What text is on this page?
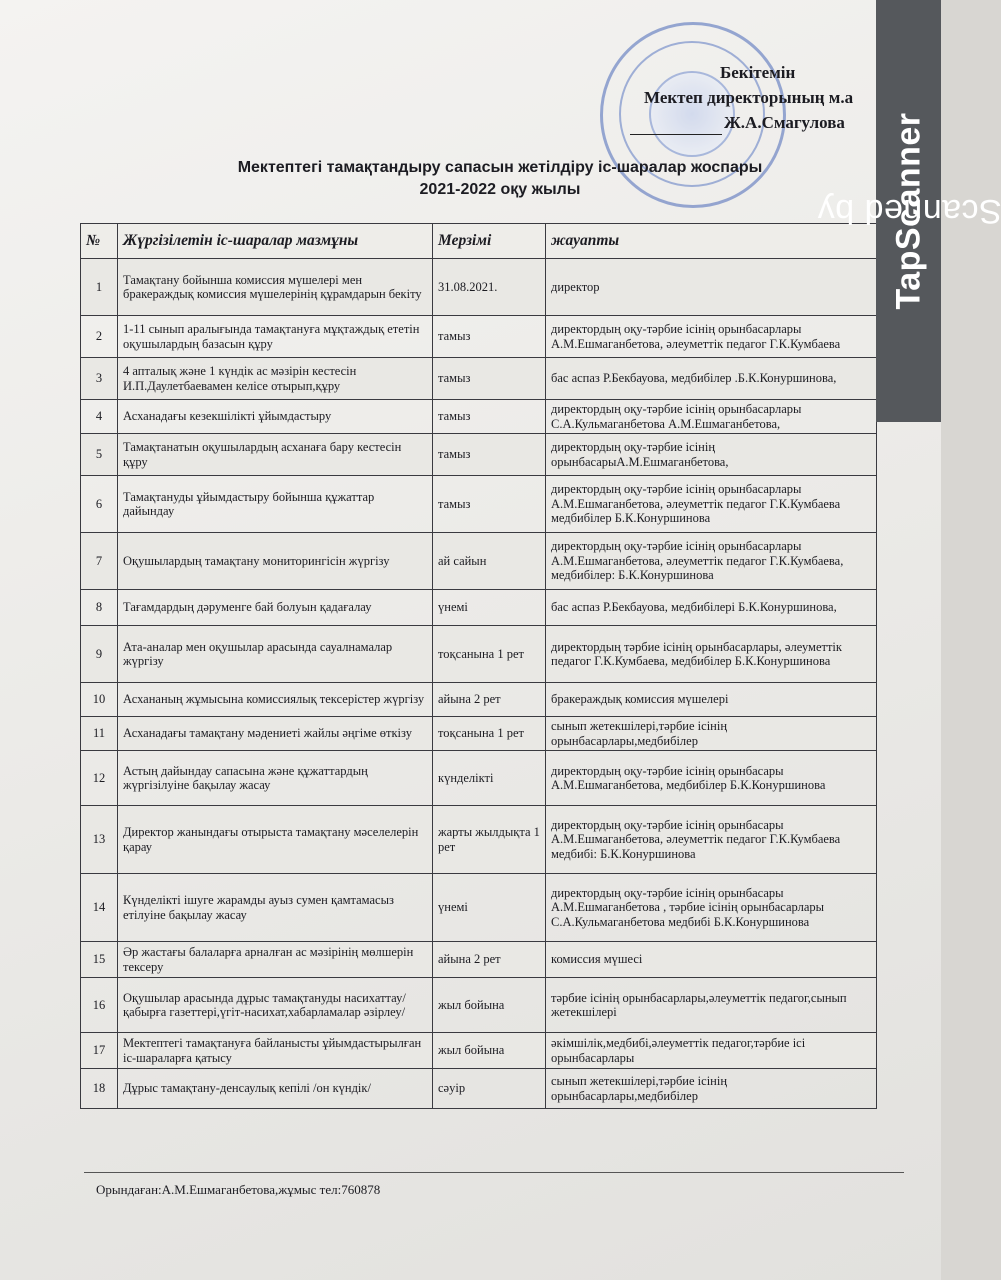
Бекітемін
Мектеп директорының м.а
Ж.А.Смагулова
Мектептегі тамақтандыру сапасын жетілдіру іс-шаралар жоспары
2021-2022 оқу жылы
№	Жүргізілетін іс-шаралар мазмұны	Мерзімі	жауапты
1	Тамақтану бойынша комиссия мүшелері мен бракераждық комиссия мүшелерінің құрамдарын бекіту	31.08.2021.	директор
2	1-11 сынып аралығында тамақтануға мұқтаждық ететін оқушылардың базасын құру	тамыз	директордың оқу-тәрбие ісінің орынбасарлары А.М.Ешмаганбетова, әлеуметтік педагог Г.К.Кумбаева
3	4 апталық және 1 күндік ас мәзірін кестесін И.П.Даулетбаевамен келісе отырып,құру	тамыз	бас аспаз Р.Бекбауова, медбибілер .Б.К.Конуршинова,
4	Асханадағы кезекшілікті ұйымдастыру	тамыз	директордың оқу-тәрбие ісінің орынбасарлары С.А.Кульмаганбетова А.М.Ешмаганбетова,
5	Тамақтанатын оқушылардың асханаға бару кестесін құру	тамыз	директордың оқу-тәрбие ісінің орынбасарыА.М.Ешмаганбетова,
6	Тамақтануды ұйымдастыру бойынша құжаттар дайындау	тамыз	директордың оқу-тәрбие ісінің орынбасарлары А.М.Ешмаганбетова, әлеуметтік педагог Г.К.Кумбаева медбибілер Б.К.Конуршинова
7	Оқушылардың тамақтану мониторингісін жүргізу	ай сайын	директордың оқу-тәрбие ісінің орынбасарлары А.М.Ешмаганбетова, әлеуметтік педагог Г.К.Кумбаева, медбибілер: Б.К.Конуршинова
8	Тағамдардың дәруменге бай болуын қадағалау	үнемі	бас аспаз Р.Бекбауова, медбибілері Б.К.Конуршинова,
9	Ата-аналар мен оқушылар арасында сауалнамалар жүргізу	тоқсанына 1 рет	директордың тәрбие ісінің орынбасарлары, әлеуметтік педагог Г.К.Кумбаева, медбибілер Б.К.Конуршинова
10	Асхананың жұмысына комиссиялық тексерістер жүргізу	айына 2 рет	бракераждық комиссия мүшелері
11	Асханадағы тамақтану мәдениеті жайлы әңгіме өткізу	тоқсанына 1 рет	сынып жетекшілері,тәрбие ісінің орынбасарлары,медбибілер
12	Астың дайындау сапасына және құжаттардың жүргізілуіне бақылау жасау	күнделікті	директордың оқу-тәрбие ісінің орынбасары А.М.Ешмаганбетова, медбибілер Б.К.Конуршинова
13	Директор жанындағы отырыста тамақтану мәселелерін қарау	жарты жылдықта 1 рет	директордың оқу-тәрбие ісінің орынбасары А.М.Ешмаганбетова, әлеуметтік педагог Г.К.Кумбаева медбибі: Б.К.Конуршинова
14	Күнделікті ішуге жарамды ауыз сумен қамтамасыз етілуіне бақылау жасау	үнемі	директордың оқу-тәрбие ісінің орынбасары А.М.Ешмаганбетова , тәрбие ісінің орынбасарлары С.А.Кульмаганбетова медбибі Б.К.Конуршинова
15	Әр жастағы балаларға арналған ас мәзірінің мөлшерін тексеру	айына 2 рет	комиссия мүшесі
16	Оқушылар арасында дұрыс тамақтануды насихаттау/қабырға газеттері,үгіт-насихат,хабарламалар әзірлеу/	жыл бойына	тәрбие ісінің орынбасарлары,әлеуметтік педагог,сынып жетекшілері
17	Мектептегі тамақтануға байланысты ұйымдастырылған іс-шараларға қатысу	жыл бойына	әкімшілік,медбибі,әлеуметтік педагог,тәрбие ісі орынбасарлары
18	Дұрыс тамақтану-денсаулық кепілі /он күндік/	сәуір	сынып жетекшілері,тәрбие ісінің орынбасарлары,медбибілер
Орындаған:А.М.Ешмаганбетова,жұмыс тел:760878
Scanned by
TapScanner
